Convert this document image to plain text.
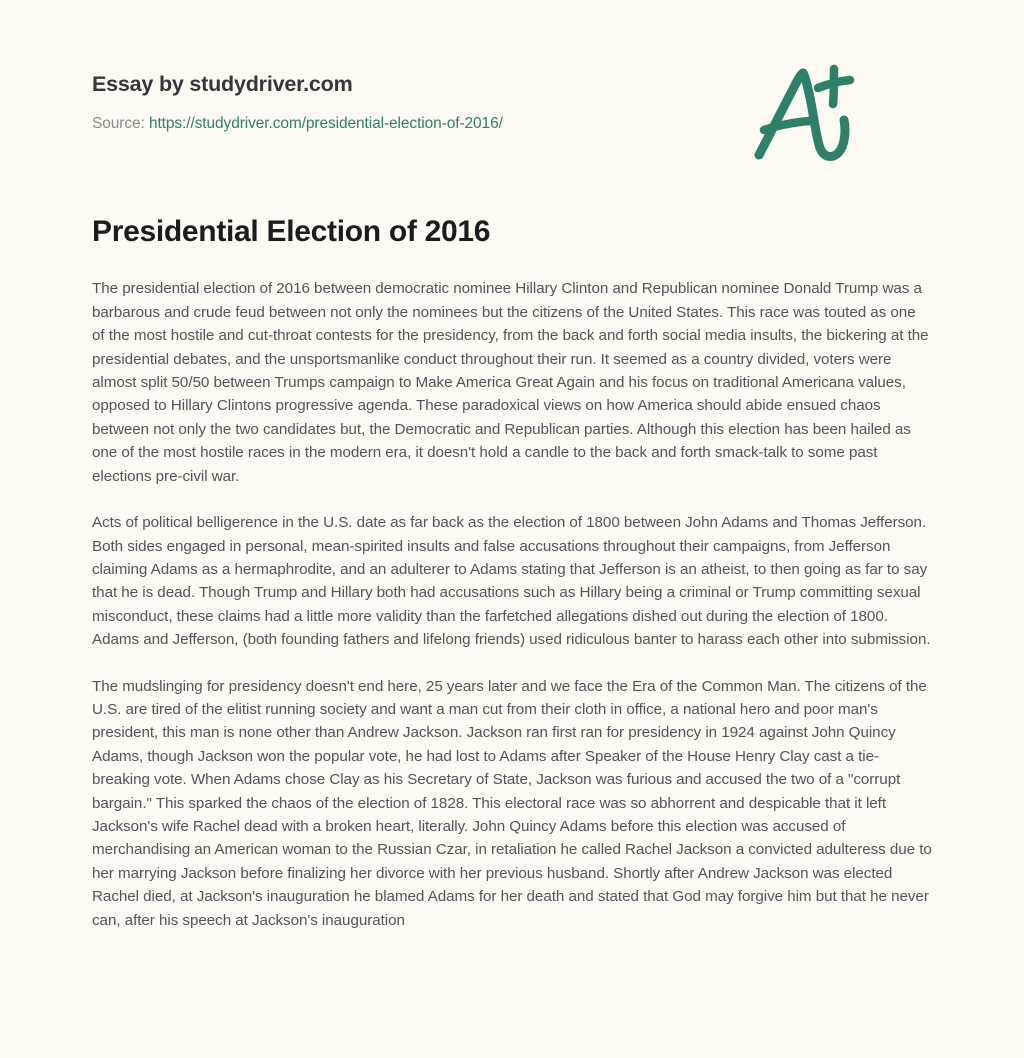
Essay by studydriver.com
Source: https://studydriver.com/presidential-election-of-2016/
Presidential Election of 2016

The presidential election of 2016 between democratic nominee Hillary Clinton and Republican nominee Donald Trump was a barbarous and crude feud between not only the nominees but the citizens of the United States. This race was touted as one of the most hostile and cut-throat contests for the presidency, from the back and forth social media insults, the bickering at the presidential debates, and the unsportsmanlike conduct throughout their run. It seemed as a country divided, voters were almost split 50/50 between Trumps campaign to Make America Great Again and his focus on traditional Americana values, opposed to Hillary Clintons progressive agenda. These paradoxical views on how America should abide ensued chaos between not only the two candidates but, the Democratic and Republican parties. Although this election has been hailed as one of the most hostile races in the modern era, it doesn't hold a candle to the back and forth smack-talk to some past elections pre-civil war.

Acts of political belligerence in the U.S. date as far back as the election of 1800 between John Adams and Thomas Jefferson. Both sides engaged in personal, mean-spirited insults and false accusations throughout their campaigns, from Jefferson claiming Adams as a hermaphrodite, and an adulterer to Adams stating that Jefferson is an atheist, to then going as far to say that he is dead. Though Trump and Hillary both had accusations such as Hillary being a criminal or Trump committing sexual misconduct, these claims had a little more validity than the farfetched allegations dished out during the election of 1800. Adams and Jefferson, (both founding fathers and lifelong friends) used ridiculous banter to harass each other into submission.

The mudslinging for presidency doesn't end here, 25 years later and we face the Era of the Common Man. The citizens of the U.S. are tired of the elitist running society and want a man cut from their cloth in office, a national hero and poor man's president, this man is none other than Andrew Jackson. Jackson ran first ran for presidency in 1924 against John Quincy Adams, though Jackson won the popular vote, he had lost to Adams after Speaker of the House Henry Clay cast a tie-breaking vote. When Adams chose Clay as his Secretary of State, Jackson was furious and accused the two of a "corrupt bargain." This sparked the chaos of the election of 1828. This electoral race was so abhorrent and despicable that it left Jackson's wife Rachel dead with a broken heart, literally. John Quincy Adams before this election was accused of merchandising an American woman to the Russian Czar, in retaliation he called Rachel Jackson a convicted adulteress due to her marrying Jackson before finalizing her divorce with her previous husband. Shortly after Andrew Jackson was elected Rachel died, at Jackson's inauguration he blamed Adams for her death and stated that God may forgive him but that he never can, after his speech at Jackson's inauguration
